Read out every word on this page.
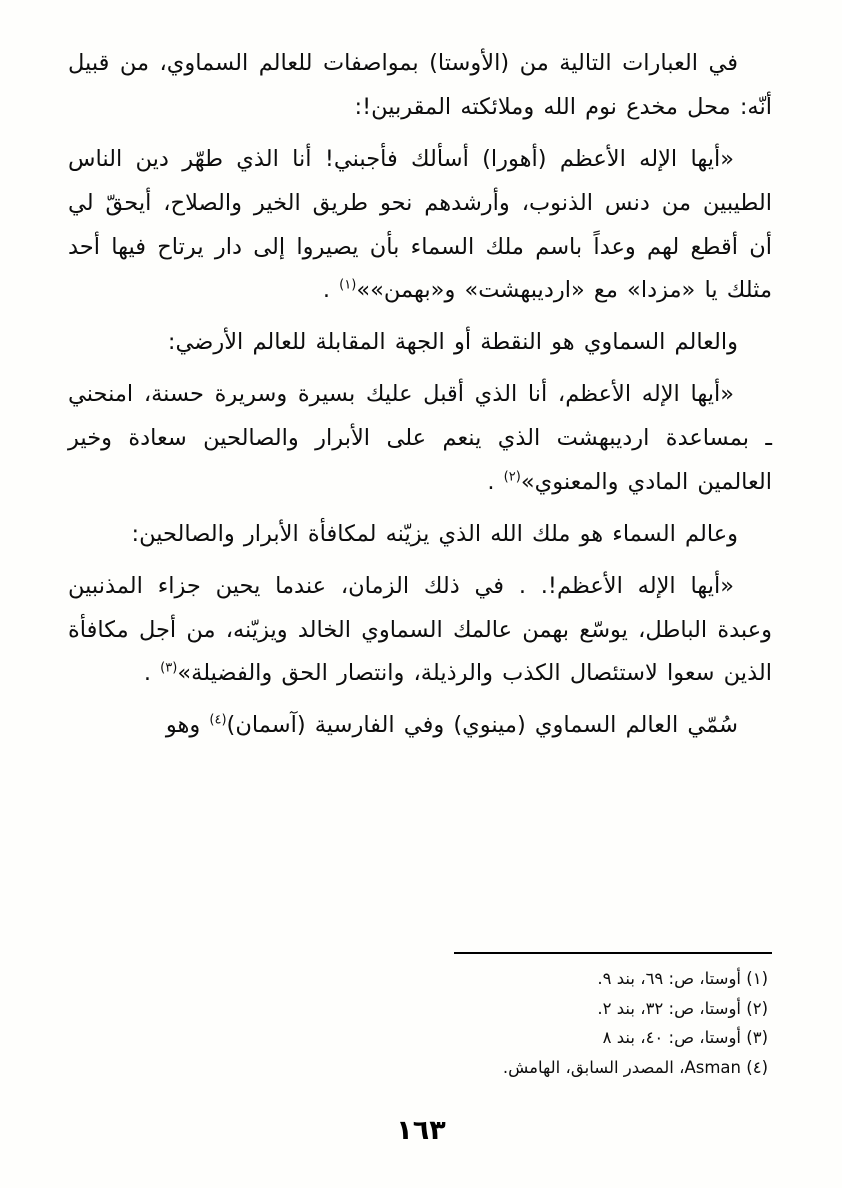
في العبارات التالية من (الأوستا) بمواصفات للعالم السماوي، من قبيل أنّه: محل مخدع نوم الله وملائكته المقربين!:

«أيها الإله الأعظم (أهورا) أسألك فأجبني! أنا الذي طهّر دين الناس الطيبين من دنس الذنوب، وأرشدهم نحو طريق الخير والصلاح، أيحقّ لي أن أقطع لهم وعداً باسم ملك السماء بأن يصيروا إلى دار يرتاح فيها أحد مثلك يا «مزدا» مع «ارديبهشت» و«بهمن»»$^{(١)}$ .

والعالم السماوي هو النقطة أو الجهة المقابلة للعالم الأرضي:

«أيها الإله الأعظم، أنا الذي أقبل عليك بسيرة وسريرة حسنة، امنحني ـ بمساعدة ارديبهشت الذي ينعم على الأبرار والصالحين سعادة وخير العالمين المادي والمعنوي»$^{(٢)}$ .

وعالم السماء هو ملك الله الذي يزيّنه لمكافأة الأبرار والصالحين:

«أيها الإله الأعظم!. . في ذلك الزمان، عندما يحين جزاء المذنبين وعبدة الباطل، يوسّع بهمن عالمك السماوي الخالد ويزيّنه، من أجل مكافأة الذين سعوا لاستئصال الكذب والرذيلة، وانتصار الحق والفضيلة»$^{(٣)}$ .

سُمّي العالم السماوي (مينوي) وفي الفارسية (آسمان)$^{(٤)}$ وهو

(١) أوستا، ص: ٦٩، بند ٩.

(٢) أوستا، ص: ٣٢، بند ٢.

(٣) أوستا، ص: ٤٠، بند ٨

(٤) Asman، المصدر السابق، الهامش.

١٦٣
